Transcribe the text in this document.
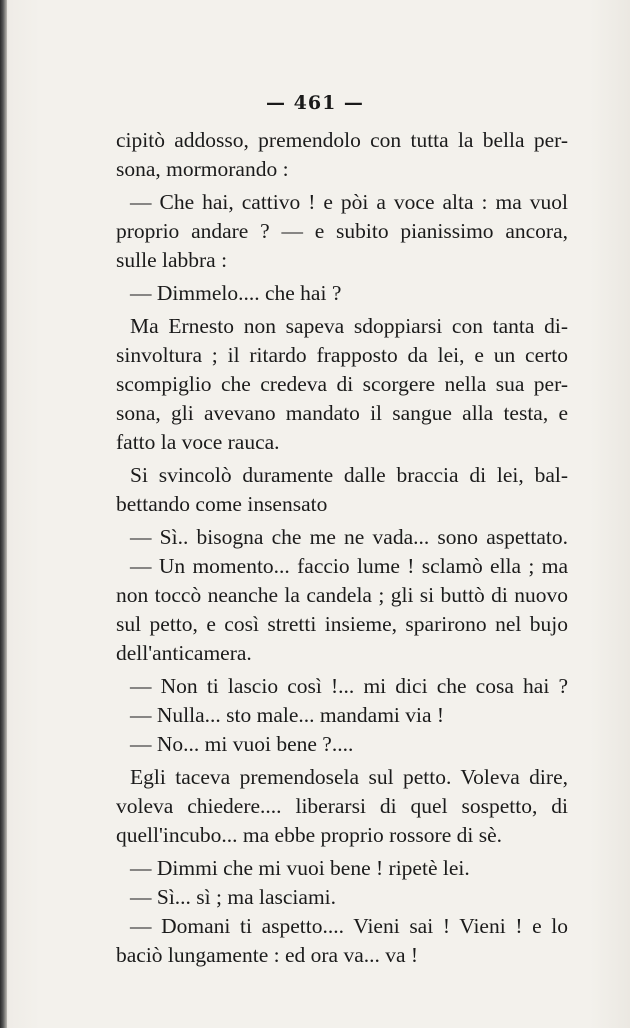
— 461 —
cipitò addosso, premendolo con tutta la bella per-
sona, mormorando :
— Che hai, cattivo ! e pòi a voce alta : ma vuol
proprio andare ? — e subito pianissimo ancora,
sulle labbra :
— Dimmelo.... che hai ?
Ma Ernesto non sapeva sdoppiarsi con tanta di-
sinvoltura ; il ritardo frapposto da lei, e un certo
scompiglio che credeva di scorgere nella sua per-
sona, gli avevano mandato il sangue alla testa, e
fatto la voce rauca.
Si svincolò duramente dalle braccia di lei, bal-
bettando come insensato
— Sì.. bisogna che me ne vada... sono aspettato.
— Un momento... faccio lume ! sclamò ella ; ma
non toccò neanche la candela ; gli si buttò di nuovo
sul petto, e così stretti insieme, sparirono nel bujo
dell'anticamera.
— Non ti lascio così !... mi dici che cosa hai ?
— Nulla... sto male... mandami via !
— No... mi vuoi bene ?....
Egli taceva premendosela sul petto. Voleva dire,
voleva chiedere.... liberarsi di quel sospetto, di
quell'incubo... ma ebbe proprio rossore di sè.
— Dimmi che mi vuoi bene ! ripetè lei.
— Sì... sì ; ma lasciami.
— Domani ti aspetto.... Vieni sai ! Vieni ! e lo
baciò lungamente : ed ora va... va !
